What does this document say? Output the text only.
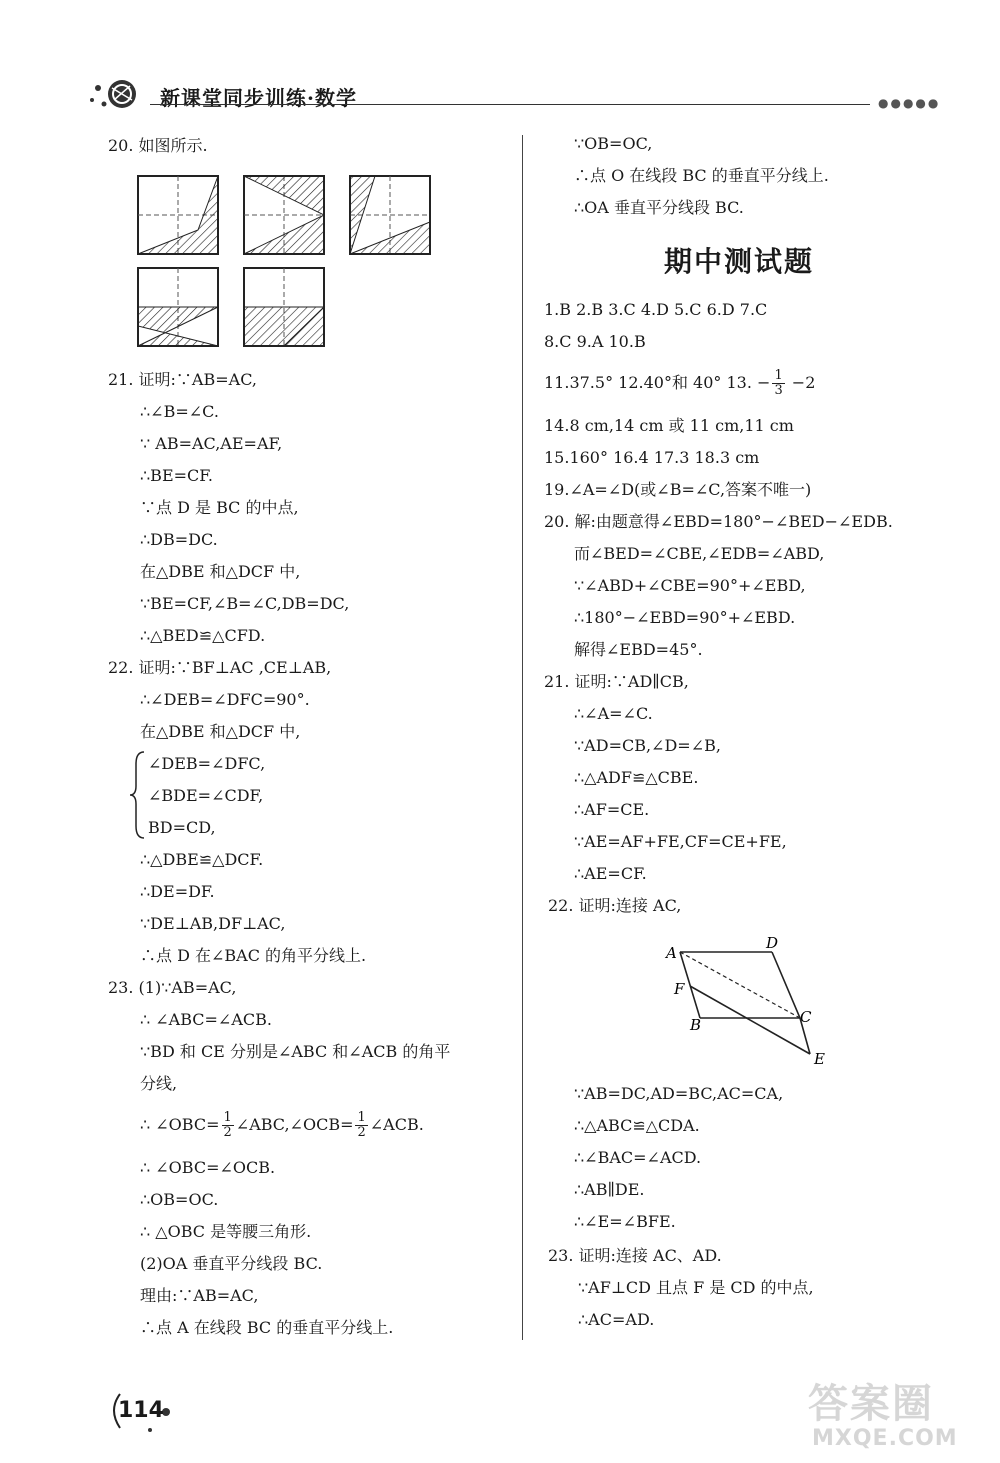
新课堂同步训练·数学	●●●●●
20. 如图所示.
21. 证明:∵AB=AC,
∴∠B=∠C.
∵ AB=AC,AE=AF,
∴BE=CF.
∵点 D 是 BC 的中点,
∴DB=DC.
在△DBE 和△DCF 中,
∵BE=CF,∠B=∠C,DB=DC,
∴△BED≌△CFD.
22. 证明:∵BF⊥AC ,CE⊥AB,
∴∠DEB=∠DFC=90°.
在△DBE 和△DCF 中,
∠DEB=∠DFC,
∠BDE=∠CDF,
BD=CD,
∴△DBE≌△DCF.
∴DE=DF.
∵DE⊥AB,DF⊥AC,
∴点 D 在∠BAC 的角平分线上.
23. (1)∵AB=AC,
∴ ∠ABC=∠ACB.
∵BD 和 CE 分别是∠ABC 和∠ACB 的角平
分线,
∴ ∠OBC= $\frac{1}{2}$ ∠ABC,∠OCB= $\frac{1}{2}$ ∠ACB.
∴ ∠OBC=∠OCB.
∴OB=OC.
∴ △OBC 是等腰三角形.
(2)OA 垂直平分线段 BC.
理由:∵AB=AC,
∴点 A 在线段 BC 的垂直平分线上.
∵OB=OC,
∴点 O 在线段 BC 的垂直平分线上.
∴OA 垂直平分线段 BC.
期中测试题
1.B 2.B 3.C 4.D 5.C 6.D 7.C
8.C 9.A 10.B
11.37.5° 12.40°和 40° 13. − $\frac{1}{3} -2$
14.8 cm,14 cm 或 11 cm,11 cm
15.160° 16.4 17.3 18.3 cm
19.∠A=∠D(或∠B=∠C,答案不唯一)
20. 解:由题意得∠EBD=180°−∠BED−∠EDB.
而∠BED=∠CBE,∠EDB=∠ABD,
∵∠ABD+∠CBE=90°+∠EBD,
∴180°−∠EBD=90°+∠EBD.
解得∠EBD=45°.
21. 证明:∵AD∥CB,
∴∠A=∠C.
∵AD=CB,∠D=∠B,
∴△ADF≌△CBE.
∴AF=CE.
∵AE=AF+FE,CF=CE+FE,
∴AE=CF.
22. 证明:连接 AC,
A
D
F
B	C
E
∵AB=DC,AD=BC,AC=CA,
∴△ABC≌△CDA.
∴∠BAC=∠ACD.
∴AB∥DE.
∴∠E=∠BFE.
23. 证明:连接 AC、AD.
∵AF⊥CD 且点 F 是 CD 的中点,
∴AC=AD.
114	答案圈
MXQE.COM
